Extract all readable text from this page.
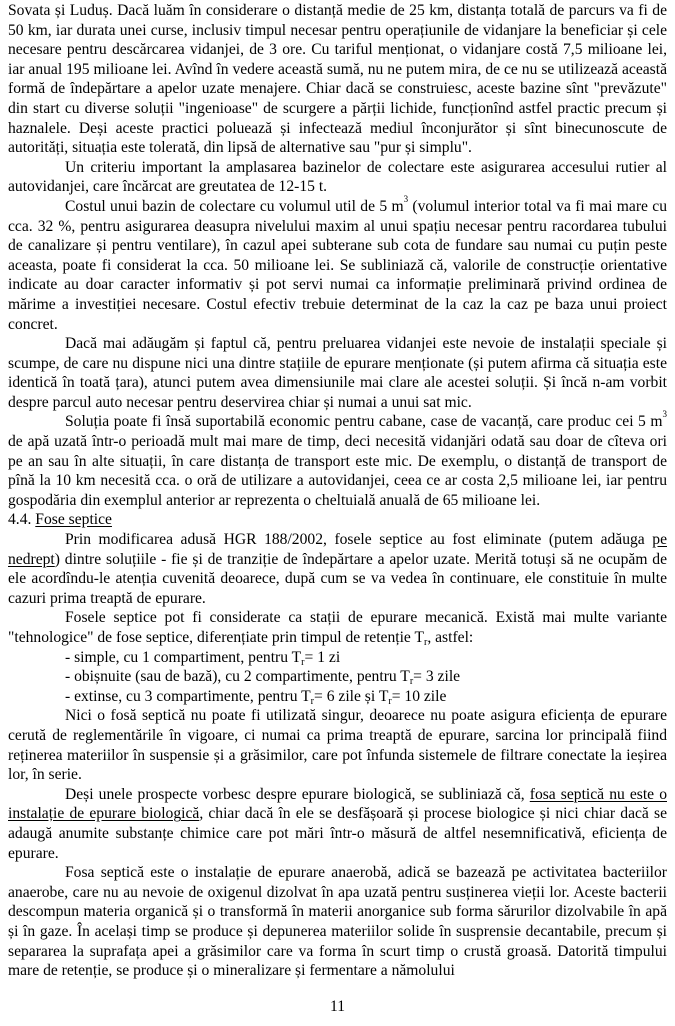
Sovata și Luduș. Dacă luăm în considerare o distanță medie de 25 km, distanța totală de parcurs va fi de 50 km, iar durata unei curse, inclusiv timpul necesar pentru operațiunile de vidanjare la beneficiar și cele necesare pentru descărcarea vidanjei, de 3 ore. Cu tariful menționat, o vidanjare costă 7,5 milioane lei, iar anual 195 milioane lei. Avînd în vedere această sumă, nu ne putem mira, de ce nu se utilizează această formă de îndepărtare a apelor uzate menajere. Chiar dacă se construiesc, aceste bazine sînt "prevăzute" din start cu diverse soluții "ingenioase" de scurgere a părții lichide, funcționînd astfel practic precum și haznalele. Deși aceste practici poluează și infectează mediul înconjurător și sînt binecunoscute de autorități, situația este tolerată, din lipsă de alternative sau "pur și simplu".

Un criteriu important la amplasarea bazinelor de colectare este asigurarea accesului rutier al autovidanjei, care încărcat are greutatea de 12-15 t.

Costul unui bazin de colectare cu volumul util de 5 $m^3$ (volumul interior total va fi mai mare cu cca. 32 %, pentru asigurarea deasupra nivelului maxim al unui spațiu necesar pentru racordarea tubului de canalizare și pentru ventilare), în cazul apei subterane sub cota de fundare sau numai cu puțin peste aceasta, poate fi considerat la cca. 50 milioane lei. Se subliniază că, valorile de construcție orientative indicate au doar caracter informativ și pot servi numai ca informație preliminară privind ordinea de mărime a investiției necesare. Costul efectiv trebuie determinat de la caz la caz pe baza unui proiect concret.

Dacă mai adăugăm și faptul că, pentru preluarea vidanjei este nevoie de instalații speciale și scumpe, de care nu dispune nici una dintre stațiile de epurare menționate (și putem afirma că situația este identică în toată țara), atunci putem avea dimensiunile mai clare ale acestei soluții. Și încă n-am vorbit despre parcul auto necesar pentru deservirea chiar și numai a unui sat mic.

Soluția poate fi însă suportabilă economic pentru cabane, case de vacanță, care produc cei 5 $m^3$ de apă uzată într-o perioadă mult mai mare de timp, deci necesită vidanjări odată sau doar de cîteva ori pe an sau în alte situații, în care distanța de transport este mic. De exemplu, o distanță de transport de pînă la 10 km necesită cca. o oră de utilizare a autovidanjei, ceea ce ar costa 2,5 milioane lei, iar pentru gospodăria din exemplul anterior ar reprezenta o cheltuială anuală de 65 milioane lei.

4.4. Fose septice

Prin modificarea adusă HGR 188/2002, fosele septice au fost eliminate (putem adăuga pe nedrept) dintre soluțiile - fie și de tranziție de îndepărtare a apelor uzate. Merită totuși să ne ocupăm de ele acordîndu-le atenția cuvenită deoarece, după cum se va vedea în continuare, ele constituie în multe cazuri prima treaptă de epurare.

Fosele septice pot fi considerate ca stații de epurare mecanică. Există mai multe variante "tehnologice" de fose septice, diferențiate prin timpul de retenție $T_r$, astfel:

- simple, cu 1 compartiment, pentru $T_r= 1$ zi

- obișnuite (sau de bază), cu 2 compartimente, pentru $T_r= 3$ zile

- extinse, cu 3 compartimente, pentru $T_r= 6$ zile și $T_r= 10$ zile

Nici o fosă septică nu poate fi utilizată singur, deoarece nu poate asigura eficiența de epurare cerută de reglementările în vigoare, ci numai ca prima treaptă de epurare, sarcina lor principală fiind reținerea materiilor în suspensie și a grăsimilor, care pot înfunda sistemele de filtrare conectate la ieșirea lor, în serie.

Deși unele prospecte vorbesc despre epurare biologică, se subliniază că, fosa septică nu este o instalație de epurare biologică, chiar dacă în ele se desfășoară și procese biologice și nici chiar dacă se adaugă anumite substanțe chimice care pot mări într-o măsură de altfel nesemnificativă, eficiența de epurare.

Fosa septică este o instalație de epurare anaerobă, adică se bazează pe activitatea bacteriilor anaerobe, care nu au nevoie de oxigenul dizolvat în apa uzată pentru susținerea vieții lor. Aceste bacterii descompun materia organică și o transformă în materii anorganice sub forma sărurilor dizolvabile în apă și în gaze. În același timp se produce și depunerea materiilor solide în susprensie decantabile, precum și separarea la suprafața apei a grăsimilor care va forma în scurt timp o crustă groasă. Datorită timpului mare de retenție, se produce și o mineralizare și fermentare a nămolului

11
